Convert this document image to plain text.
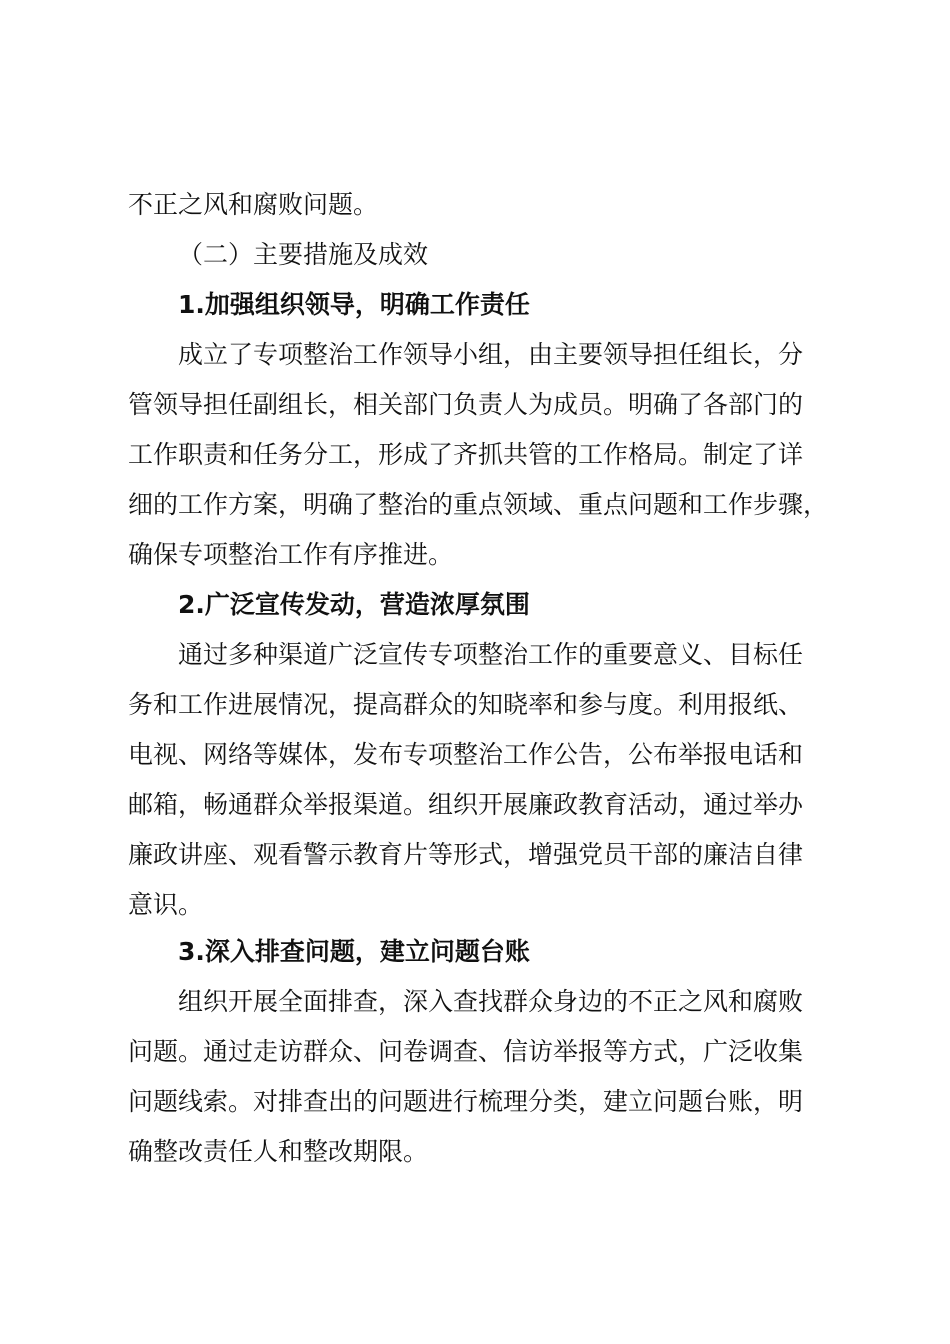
不正之风和腐败问题。
（二）主要措施及成效
1.加强组织领导，明确工作责任
成立了专项整治工作领导小组，由主要领导担任组长，分
管领导担任副组长，相关部门负责人为成员。明确了各部门的
工作职责和任务分工，形成了齐抓共管的工作格局。制定了详
细的工作方案，明确了整治的重点领域、重点问题和工作步骤，
确保专项整治工作有序推进。
2.广泛宣传发动，营造浓厚氛围
通过多种渠道广泛宣传专项整治工作的重要意义、目标任
务和工作进展情况，提高群众的知晓率和参与度。利用报纸、
电视、网络等媒体，发布专项整治工作公告，公布举报电话和
邮箱，畅通群众举报渠道。组织开展廉政教育活动，通过举办
廉政讲座、观看警示教育片等形式，增强党员干部的廉洁自律
意识。
3.深入排查问题，建立问题台账
组织开展全面排查，深入查找群众身边的不正之风和腐败
问题。通过走访群众、问卷调查、信访举报等方式，广泛收集
问题线索。对排查出的问题进行梳理分类，建立问题台账，明
确整改责任人和整改期限。
